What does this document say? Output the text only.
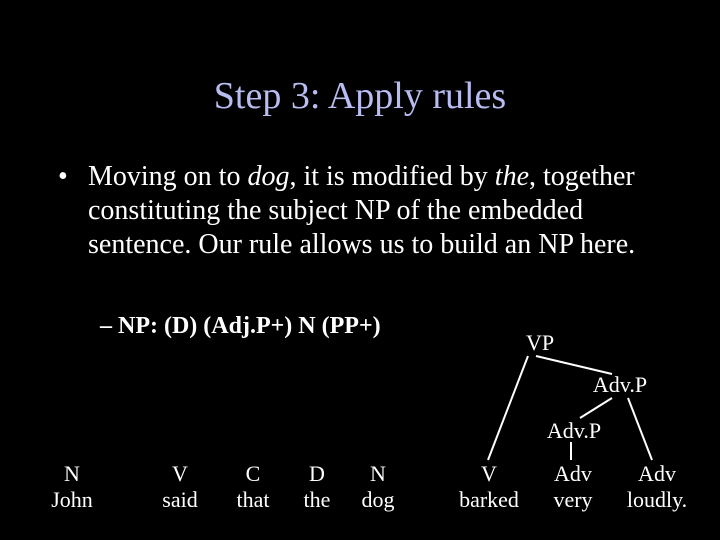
Step 3: Apply rules
• Moving on to dog, it is modified by the, together constituting the subject NP of the embedded sentence. Our rule allows us to build an NP here.
– NP: (D) (Adj.P+) N (PP+)
VP
Adv.P
Adv.P
N
John
V
said
C
that
D
the
N
dog
V
barked
Adv
very
Adv
loudly.
